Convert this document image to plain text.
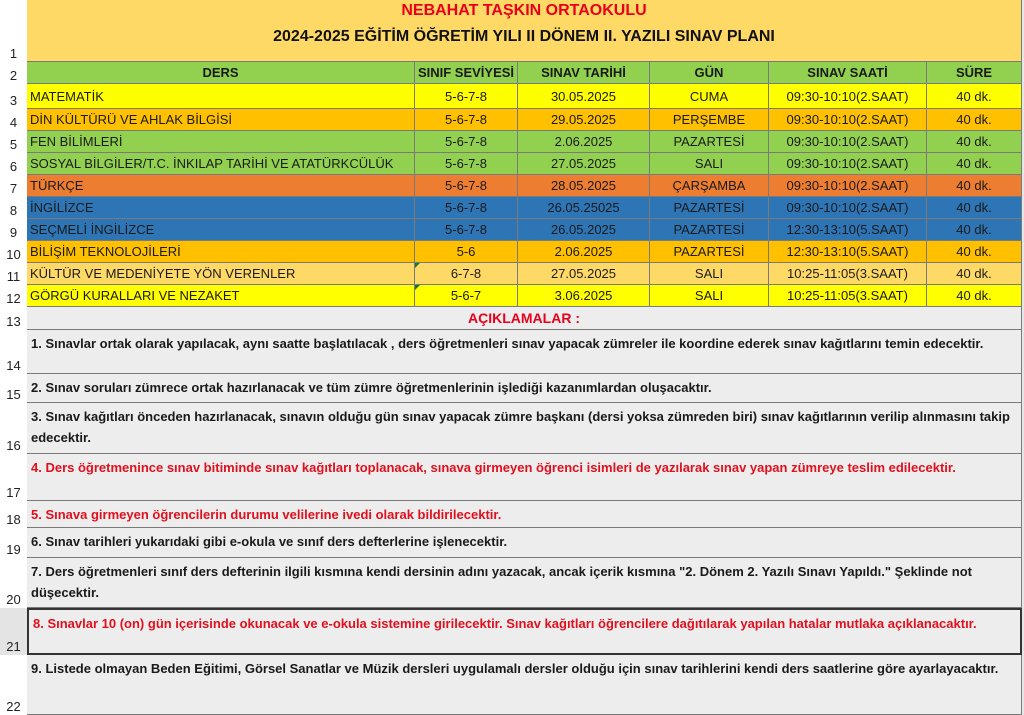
1
2
3
4
5
6
7
8
9
10
11
12
13
14
15
16
17
18
19
20
21
22
NEBAHAT TAŞKIN ORTAOKULU
2024-2025 EĞİTİM ÖĞRETİM YILI II DÖNEM II. YAZILI SINAV PLANI
DERS	SINIF SEVİYESİ	SINAV TARİHİ	GÜN	SINAV SAATİ	SÜRE
MATEMATİK	5-6-7-8	30.05.2025	CUMA	09:30-10:10(2.SAAT)	40 dk.
DİN KÜLTÜRÜ VE AHLAK BİLGİSİ	5-6-7-8	29.05.2025	PERŞEMBE	09:30-10:10(2.SAAT)	40 dk.
FEN BİLİMLERİ	5-6-7-8	2.06.2025	PAZARTESİ	09:30-10:10(2.SAAT)	40 dk.
SOSYAL BİLGİLER/T.C. İNKILAP TARİHİ VE ATATÜRKCÜLÜK	5-6-7-8	27.05.2025	SALI	09:30-10:10(2.SAAT)	40 dk.
TÜRKÇE	5-6-7-8	28.05.2025	ÇARŞAMBA	09:30-10:10(2.SAAT)	40 dk.
İNGİLİZCE	5-6-7-8	26.05.25025	PAZARTESİ	09:30-10:10(2.SAAT)	40 dk.
SEÇMELİ İNGİLİZCE	5-6-7-8	26.05.2025	PAZARTESİ	12:30-13:10(5.SAAT)	40 dk.
BİLİŞİM TEKNOLOJİLERİ	5-6	2.06.2025	PAZARTESİ	12:30-13:10(5.SAAT)	40 dk.
KÜLTÜR VE MEDENİYETE YÖN VERENLER	6-7-8	27.05.2025	SALI	10:25-11:05(3.SAAT)	40 dk.
GÖRGÜ KURALLARI VE NEZAKET	5-6-7	3.06.2025	SALI	10:25-11:05(3.SAAT)	40 dk.
AÇIKLAMALAR :
1. Sınavlar ortak olarak yapılacak, aynı saatte başlatılacak , ders öğretmenleri sınav yapacak zümreler ile koordine ederek sınav kağıtlarını temin edecektir.
2. Sınav soruları zümrece ortak hazırlanacak ve tüm zümre öğretmenlerinin işlediği kazanımlardan oluşacaktır.
3. Sınav kağıtları önceden hazırlanacak, sınavın olduğu gün sınav yapacak zümre başkanı (dersi yoksa zümreden biri) sınav kağıtlarının verilip alınmasını takip edecektir.
4. Ders öğretmenince sınav bitiminde sınav kağıtları toplanacak, sınava girmeyen öğrenci isimleri de yazılarak sınav yapan zümreye teslim edilecektir.
5. Sınava girmeyen öğrencilerin durumu velilerine ivedi olarak bildirilecektir.
6. Sınav tarihleri yukarıdaki gibi e-okula ve sınıf ders defterlerine işlenecektir.
7. Ders öğretmenleri sınıf ders defterinin ilgili kısmına kendi dersinin adını yazacak, ancak içerik kısmına "2. Dönem 2. Yazılı Sınavı Yapıldı." Şeklinde not düşecektir.
8. Sınavlar 10 (on) gün içerisinde okunacak ve e-okula sistemine girilecektir. Sınav kağıtları öğrencilere dağıtılarak yapılan hatalar mutlaka açıklanacaktır.
9. Listede olmayan Beden Eğitimi, Görsel Sanatlar ve Müzik dersleri uygulamalı dersler olduğu için sınav tarihlerini kendi ders saatlerine göre ayarlayacaktır.
